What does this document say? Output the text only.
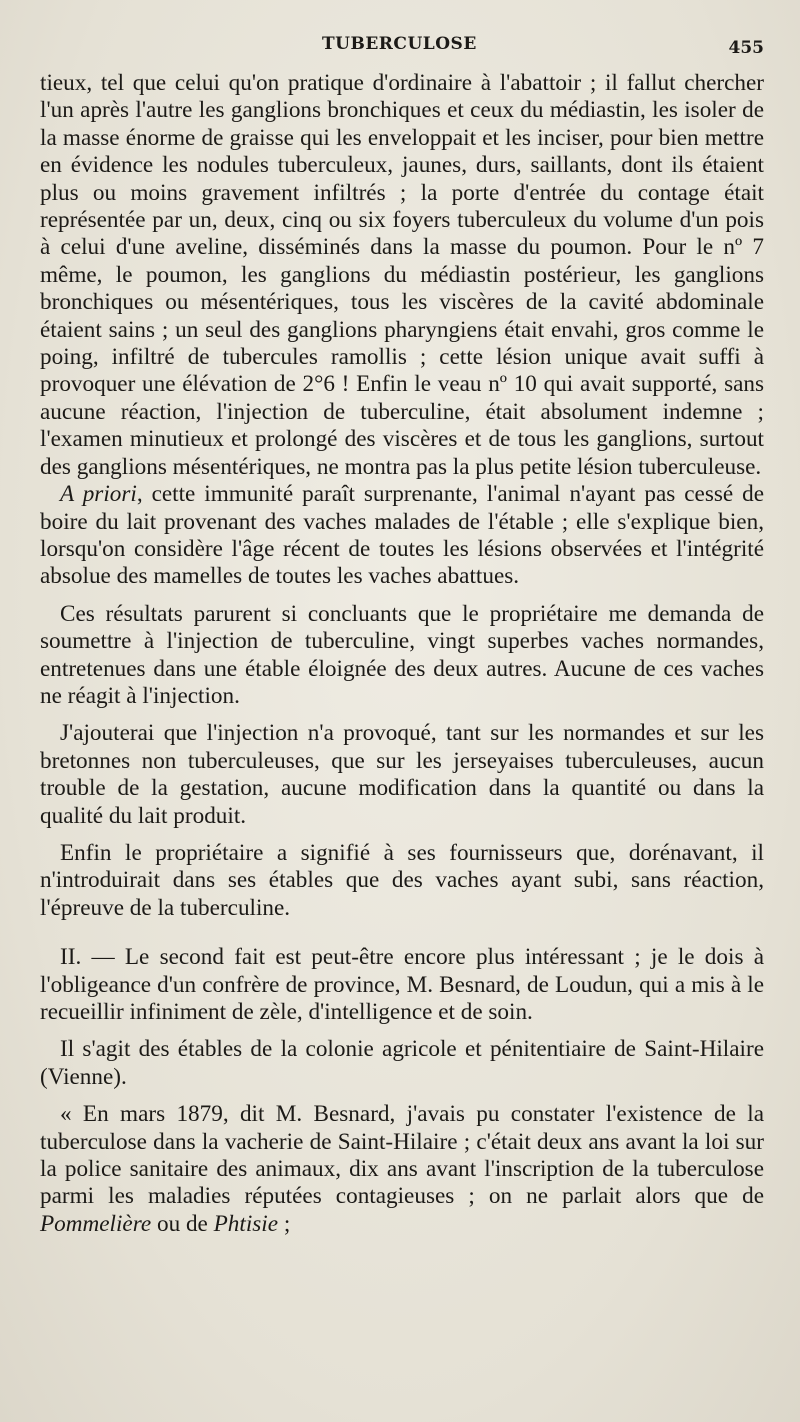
TUBERCULOSE	455

tieux, tel que celui qu'on pratique d'ordinaire à l'abattoir ; il fallut chercher l'un après l'autre les ganglions bronchiques et ceux du médiastin, les isoler de la masse énorme de graisse qui les enveloppait et les inciser, pour bien mettre en évidence les nodules tuberculeux, jaunes, durs, saillants, dont ils étaient plus ou moins gravement infiltrés ; la porte d'entrée du contage était représentée par un, deux, cinq ou six foyers tuberculeux du volume d'un pois à celui d'une aveline, disséminés dans la masse du poumon. Pour le nº 7 même, le poumon, les ganglions du médiastin postérieur, les ganglions bronchiques ou mésentériques, tous les viscères de la cavité abdominale étaient sains ; un seul des ganglions pharyngiens était envahi, gros comme le poing, infiltré de tubercules ramollis ; cette lésion unique avait suffi à provoquer une élévation de 2°6 ! Enfin le veau nº 10 qui avait supporté, sans aucune réaction, l'injection de tuberculine, était absolument indemne ; l'examen minutieux et prolongé des viscères et de tous les ganglions, surtout des ganglions mésentériques, ne montra pas la plus petite lésion tuberculeuse.

A priori, cette immunité paraît surprenante, l'animal n'ayant pas cessé de boire du lait provenant des vaches malades de l'étable ; elle s'explique bien, lorsqu'on considère l'âge récent de toutes les lésions observées et l'intégrité absolue des mamelles de toutes les vaches abattues.

Ces résultats parurent si concluants que le propriétaire me demanda de soumettre à l'injection de tuberculine, vingt superbes vaches normandes, entretenues dans une étable éloignée des deux autres. Aucune de ces vaches ne réagit à l'injection.

J'ajouterai que l'injection n'a provoqué, tant sur les normandes et sur les bretonnes non tuberculeuses, que sur les jerseyaises tuberculeuses, aucun trouble de la gestation, aucune modification dans la quantité ou dans la qualité du lait produit.

Enfin le propriétaire a signifié à ses fournisseurs que, dorénavant, il n'introduirait dans ses étables que des vaches ayant subi, sans réaction, l'épreuve de la tuberculine.

II. — Le second fait est peut-être encore plus intéressant ; je le dois à l'obligeance d'un confrère de province, M. Besnard, de Loudun, qui a mis à le recueillir infiniment de zèle, d'intelligence et de soin.

Il s'agit des étables de la colonie agricole et pénitentiaire de Saint-Hilaire (Vienne).

« En mars 1879, dit M. Besnard, j'avais pu constater l'existence de la tuberculose dans la vacherie de Saint-Hilaire ; c'était deux ans avant la loi sur la police sanitaire des animaux, dix ans avant l'inscription de la tuberculose parmi les maladies réputées contagieuses ; on ne parlait alors que de Pommelière ou de Phtisie ;
